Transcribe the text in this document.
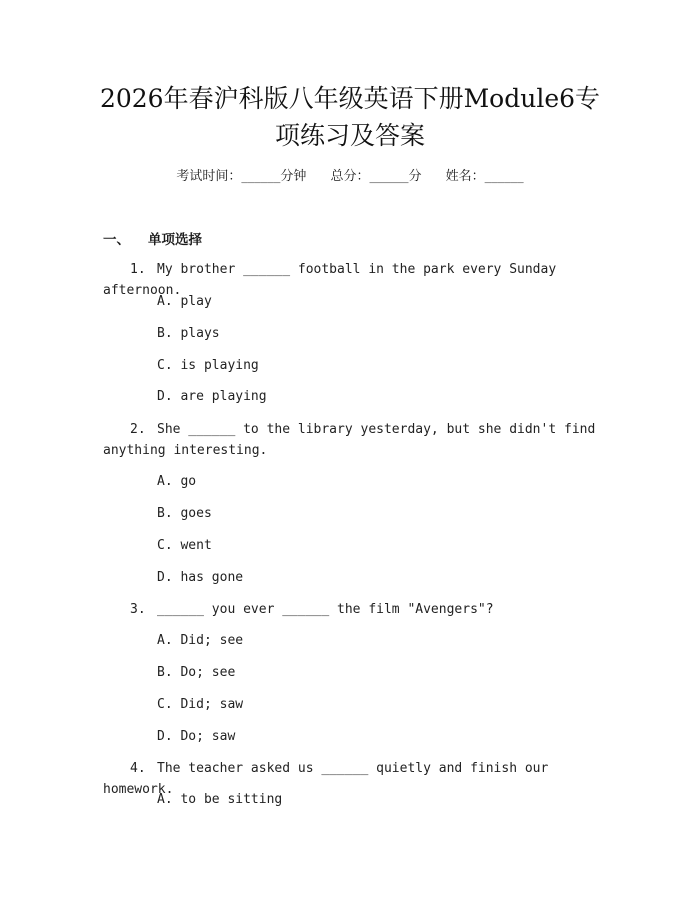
2026年春沪科版八年级英语下册Module6专
项练习及答案
考试时间：______分钟 总分：______分 姓名：______
一、 单项选择
1. My brother ______ football in the park every Sunday afternoon.
A. play
B. plays
C. is playing
D. are playing
2. She ______ to the library yesterday, but she didn't find anything interesting.
A. go
B. goes
C. went
D. has gone
3. ______ you ever ______ the film "Avengers"?
A. Did; see
B. Do; see
C. Did; saw
D. Do; saw
4. The teacher asked us ______ quietly and finish our homework.
A. to be sitting
